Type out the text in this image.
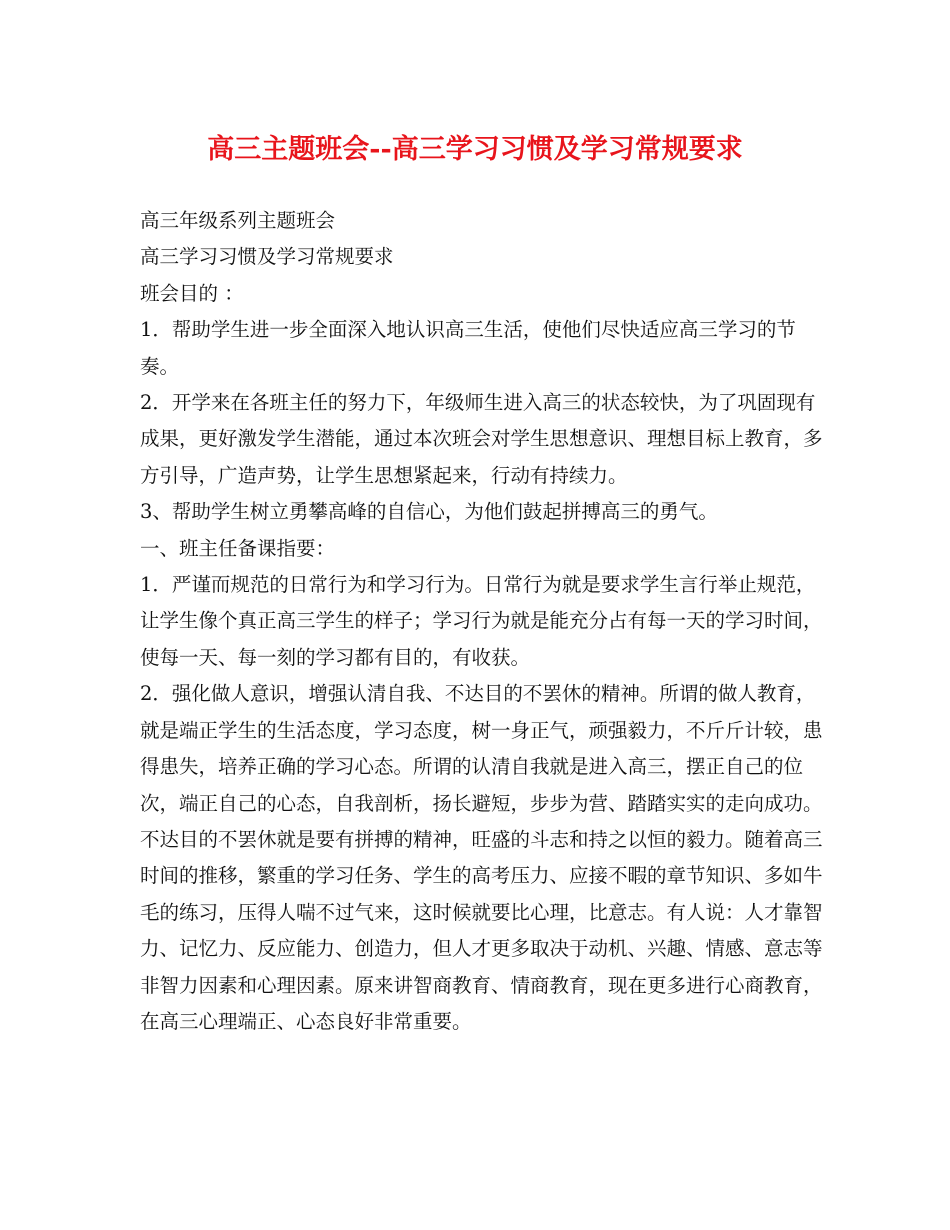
高三主题班会--高三学习习惯及学习常规要求

高三年级系列主题班会

高三学习习惯及学习常规要求

班会目的 ：

1．帮助学生进一步全面深入地认识高三生活，使他们尽快适应高三学习的节奏。

2．开学来在各班主任的努力下，年级师生进入高三的状态较快，为了巩固现有成果，更好激发学生潜能，通过本次班会对学生思想意识、理想目标上教育，多方引导，广造声势，让学生思想紧起来，行动有持续力。

3、帮助学生树立勇攀高峰的自信心，为他们鼓起拼搏高三的勇气。

一、班主任备课指要：

1．严谨而规范的日常行为和学习行为。日常行为就是要求学生言行举止规范，让学生像个真正高三学生的样子；学习行为就是能充分占有每一天的学习时间，使每一天、每一刻的学习都有目的，有收获。

2．强化做人意识，增强认清自我、不达目的不罢休的精神。所谓的做人教育，就是端正学生的生活态度，学习态度，树一身正气，顽强毅力，不斤斤计较，患得患失，培养正确的学习心态。所谓的认清自我就是进入高三，摆正自己的位次，端正自己的心态，自我剖析，扬长避短，步步为营、踏踏实实的走向成功。不达目的不罢休就是要有拼搏的精神，旺盛的斗志和持之以恒的毅力。随着高三时间的推移，繁重的学习任务、学生的高考压力、应接不暇的章节知识、多如牛毛的练习，压得人喘不过气来，这时候就要比心理，比意志。有人说：人才靠智力、记忆力、反应能力、创造力，但人才更多取决于动机、兴趣、情感、意志等非智力因素和心理因素。原来讲智商教育、情商教育，现在更多进行心商教育，在高三心理端正、心态良好非常重要。
